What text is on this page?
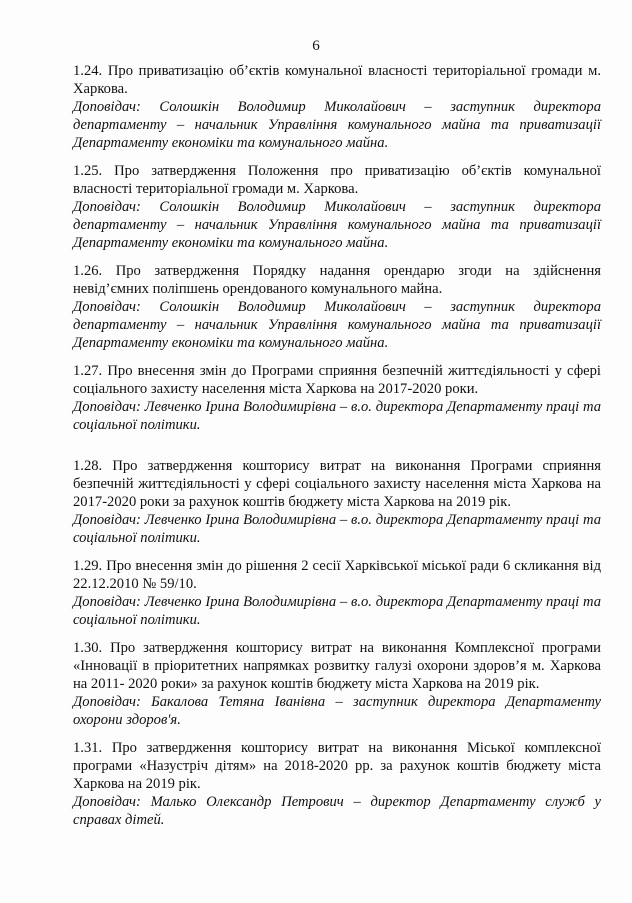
6

1.24. Про приватизацію об’єктів комунальної власності територіальної громади м. Харкова.

Доповідач: Солошкін Володимир Миколайович – заступник директора департаменту – начальник Управління комунального майна та приватизації Департаменту економіки та комунального майна.

1.25. Про затвердження Положення про приватизацію об’єктів комунальної власності територіальної громади м. Харкова.

Доповідач: Солошкін Володимир Миколайович – заступник директора департаменту – начальник Управління комунального майна та приватизації Департаменту економіки та комунального майна.

1.26. Про затвердження Порядку надання орендарю згоди на здійснення невід’ємних поліпшень орендованого комунального майна.

Доповідач: Солошкін Володимир Миколайович – заступник директора департаменту – начальник Управління комунального майна та приватизації Департаменту економіки та комунального майна.

1.27. Про внесення змін до Програми сприяння безпечній життєдіяльності у сфері соціального захисту населення міста Харкова на 2017-2020 роки.

Доповідач: Левченко Ірина Володимирівна – в.о. директора Департаменту праці та соціальної політики.

1.28. Про затвердження кошторису витрат на виконання Програми сприяння безпечній життєдіяльності у сфері соціального захисту населення міста Харкова на 2017-2020 роки за рахунок коштів бюджету міста Харкова на 2019 рік.

Доповідач: Левченко Ірина Володимирівна – в.о. директора Департаменту праці та соціальної політики.

1.29. Про внесення змін до рішення 2 сесії Харківської міської ради 6 скликання від 22.12.2010 № 59/10.

Доповідач: Левченко Ірина Володимирівна – в.о. директора Департаменту праці та соціальної політики.

1.30. Про затвердження кошторису витрат на виконання Комплексної програми «Інновації в пріоритетних напрямках розвитку галузі охорони здоров’я м. Харкова на 2011- 2020 роки» за рахунок коштів бюджету міста Харкова на 2019 рік.

Доповідач: Бакалова Тетяна Іванівна – заступник директора Департаменту охорони здоров'я.

1.31. Про затвердження кошторису витрат на виконання Міської комплексної програми «Назустріч дітям» на 2018-2020 рр. за рахунок коштів бюджету міста Харкова на 2019 рік.

Доповідач: Малько Олександр Петрович – директор Департаменту служб у справах дітей.
